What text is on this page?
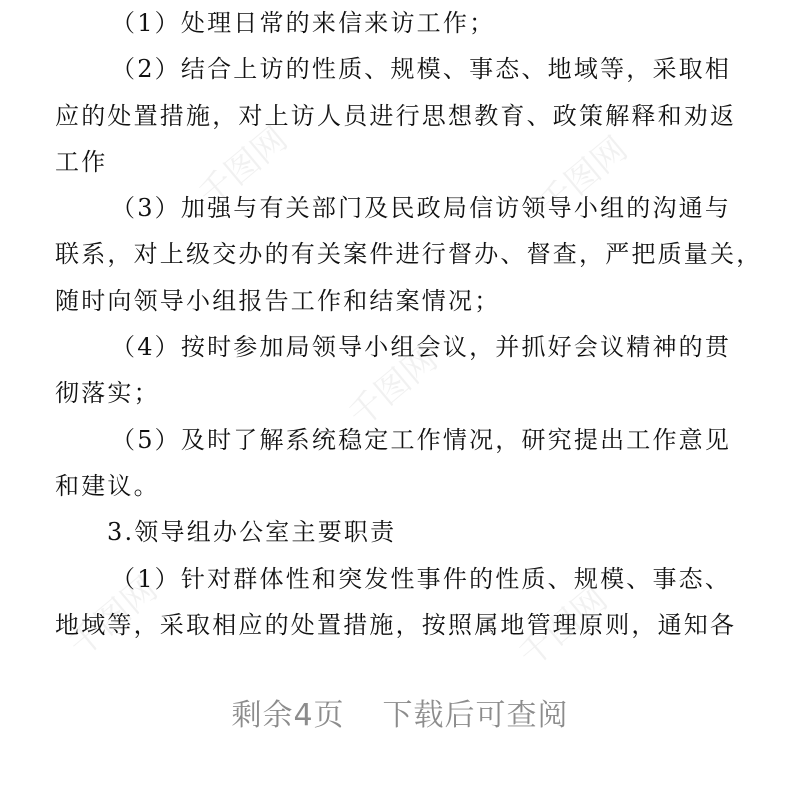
千图网	千图网
千图网
千图网	千图网
（1）处理日常的来信来访工作；
（2）结合上访的性质、规模、事态、地域等，采取相
应的处置措施，对上访人员进行思想教育、政策解释和劝返
工作
（3）加强与有关部门及民政局信访领导小组的沟通与
联系，对上级交办的有关案件进行督办、督查，严把质量关，
随时向领导小组报告工作和结案情况；
（4）按时参加局领导小组会议，并抓好会议精神的贯
彻落实；
（5）及时了解系统稳定工作情况，研究提出工作意见
和建议。
3.领导组办公室主要职责
（1）针对群体性和突发性事件的性质、规模、事态、
地域等，采取相应的处置措施，按照属地管理原则，通知各
剩余4页 下载后可查阅
